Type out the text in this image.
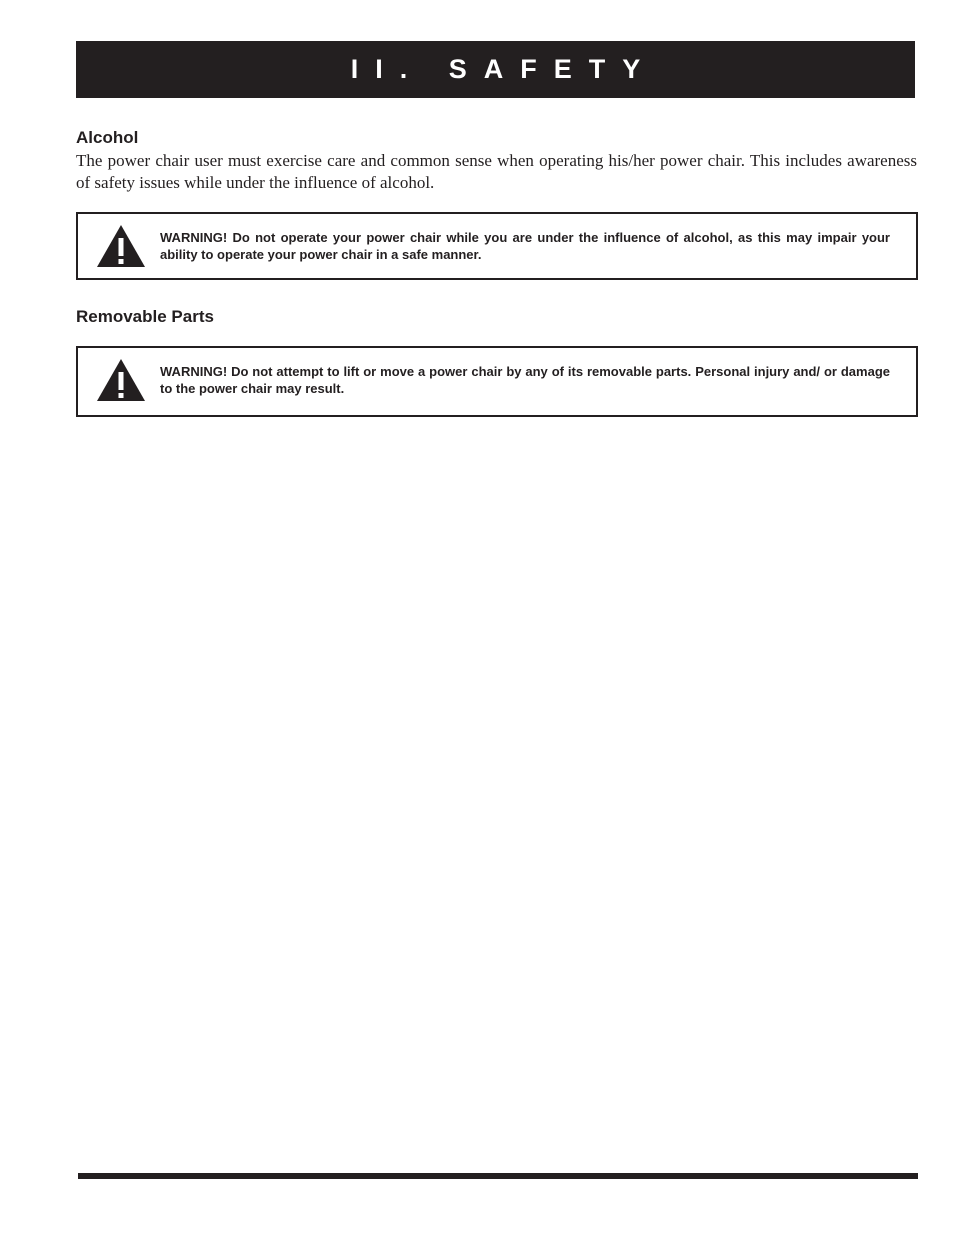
II. SAFETY
Alcohol

The power chair user must exercise care and common sense when operating his/her power chair. This includes awareness of safety issues while under the influence of alcohol.

WARNING! Do not operate your power chair while you are under the influence of alcohol, as this may impair your ability to operate your power chair in a safe manner.

Removable Parts

WARNING! Do not attempt to lift or move a power chair by any of its removable parts. Personal injury and/ or damage to the power chair may result.
